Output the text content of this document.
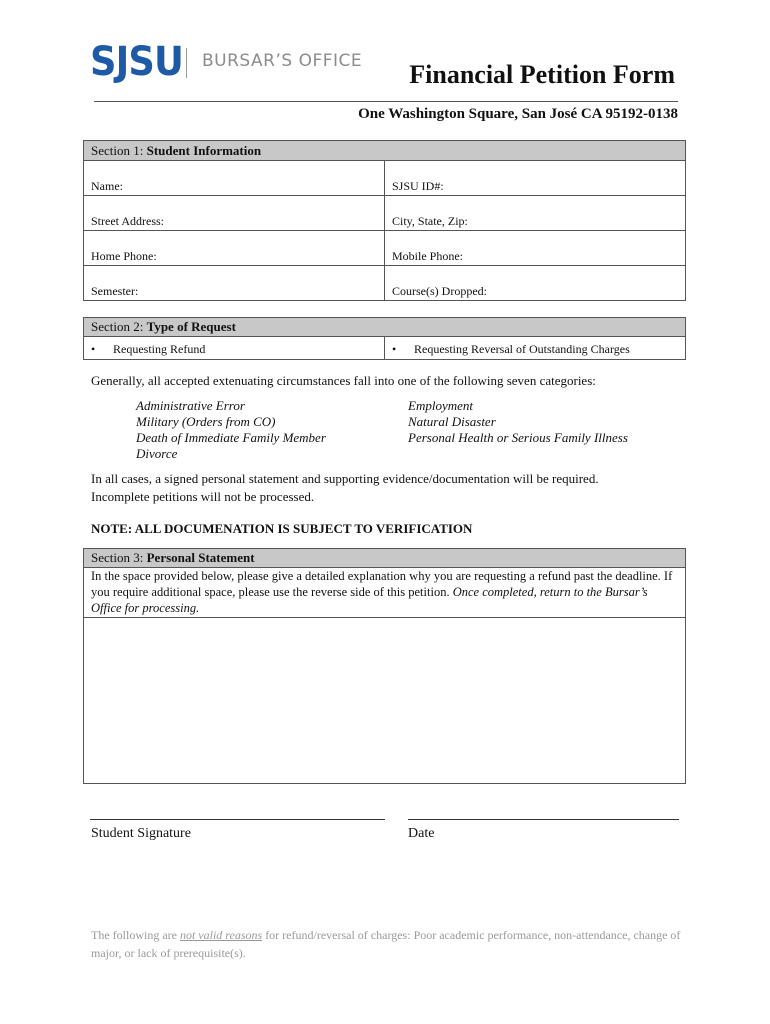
SJSU BURSAR’S OFFICE Financial Petition Form
One Washington Square, San José CA 95192-0138
Section 1: Student Information
Name:	SJSU ID#:
Street Address:	City, State, Zip:
Home Phone:	Mobile Phone:
Semester:	Course(s) Dropped:
Section 2: Type of Request
• Requesting Refund	• Requesting Reversal of Outstanding Charges
Generally, all accepted extenuating circumstances fall into one of the following seven categories:
Administrative Error
Military (Orders from CO)
Death of Immediate Family Member
Divorce
Employment
Natural Disaster
Personal Health or Serious Family Illness
In all cases, a signed personal statement and supporting evidence/documentation will be required.
Incomplete petitions will not be processed.
NOTE: ALL DOCUMENATION IS SUBJECT TO VERIFICATION
Section 3: Personal Statement
In the space provided below, please give a detailed explanation why you are requesting a refund past the deadline. If you require additional space, please use the reverse side of this petition. Once completed, return to the Bursar’s Office for processing.
Student Signature	Date
The following are not valid reasons for refund/reversal of charges: Poor academic performance, non-attendance, change of major, or lack of prerequisite(s).
